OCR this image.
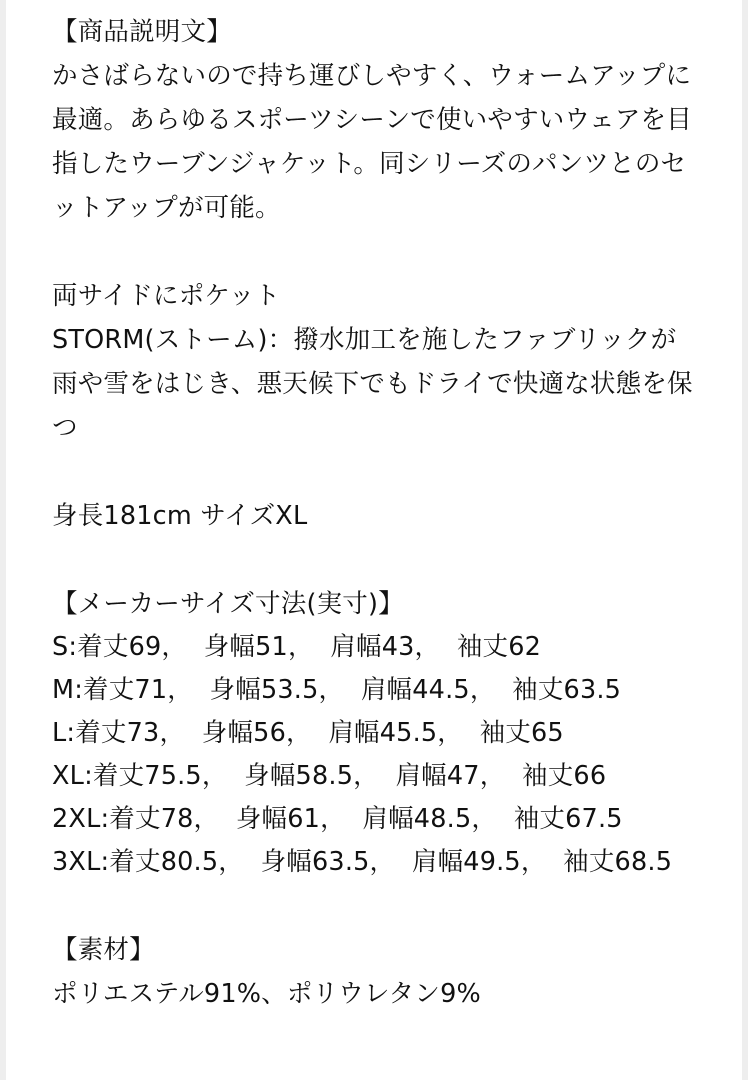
【商品説明文】
かさばらないので持ち運びしやすく、ウォームアップに最適。あらゆるスポーツシーンで使いやすいウェアを目指したウーブンジャケット。同シリーズのパンツとのセットアップが可能。
両サイドにポケット
STORM(ストーム)：撥水加工を施したファブリックが雨や雪をはじき、悪天候下でもドライで快適な状態を保つ
身長181cm サイズXL
【メーカーサイズ寸法(実寸)】
S:着丈69，  身幅51，  肩幅43，  袖丈62
M:着丈71，  身幅53.5，  肩幅44.5，  袖丈63.5
L:着丈73，  身幅56，  肩幅45.5，  袖丈65
XL:着丈75.5，  身幅58.5，  肩幅47，  袖丈66
2XL:着丈78，  身幅61，  肩幅48.5，  袖丈67.5
3XL:着丈80.5，  身幅63.5，  肩幅49.5，  袖丈68.5
【素材】
ポリエステル91%、ポリウレタン9%
